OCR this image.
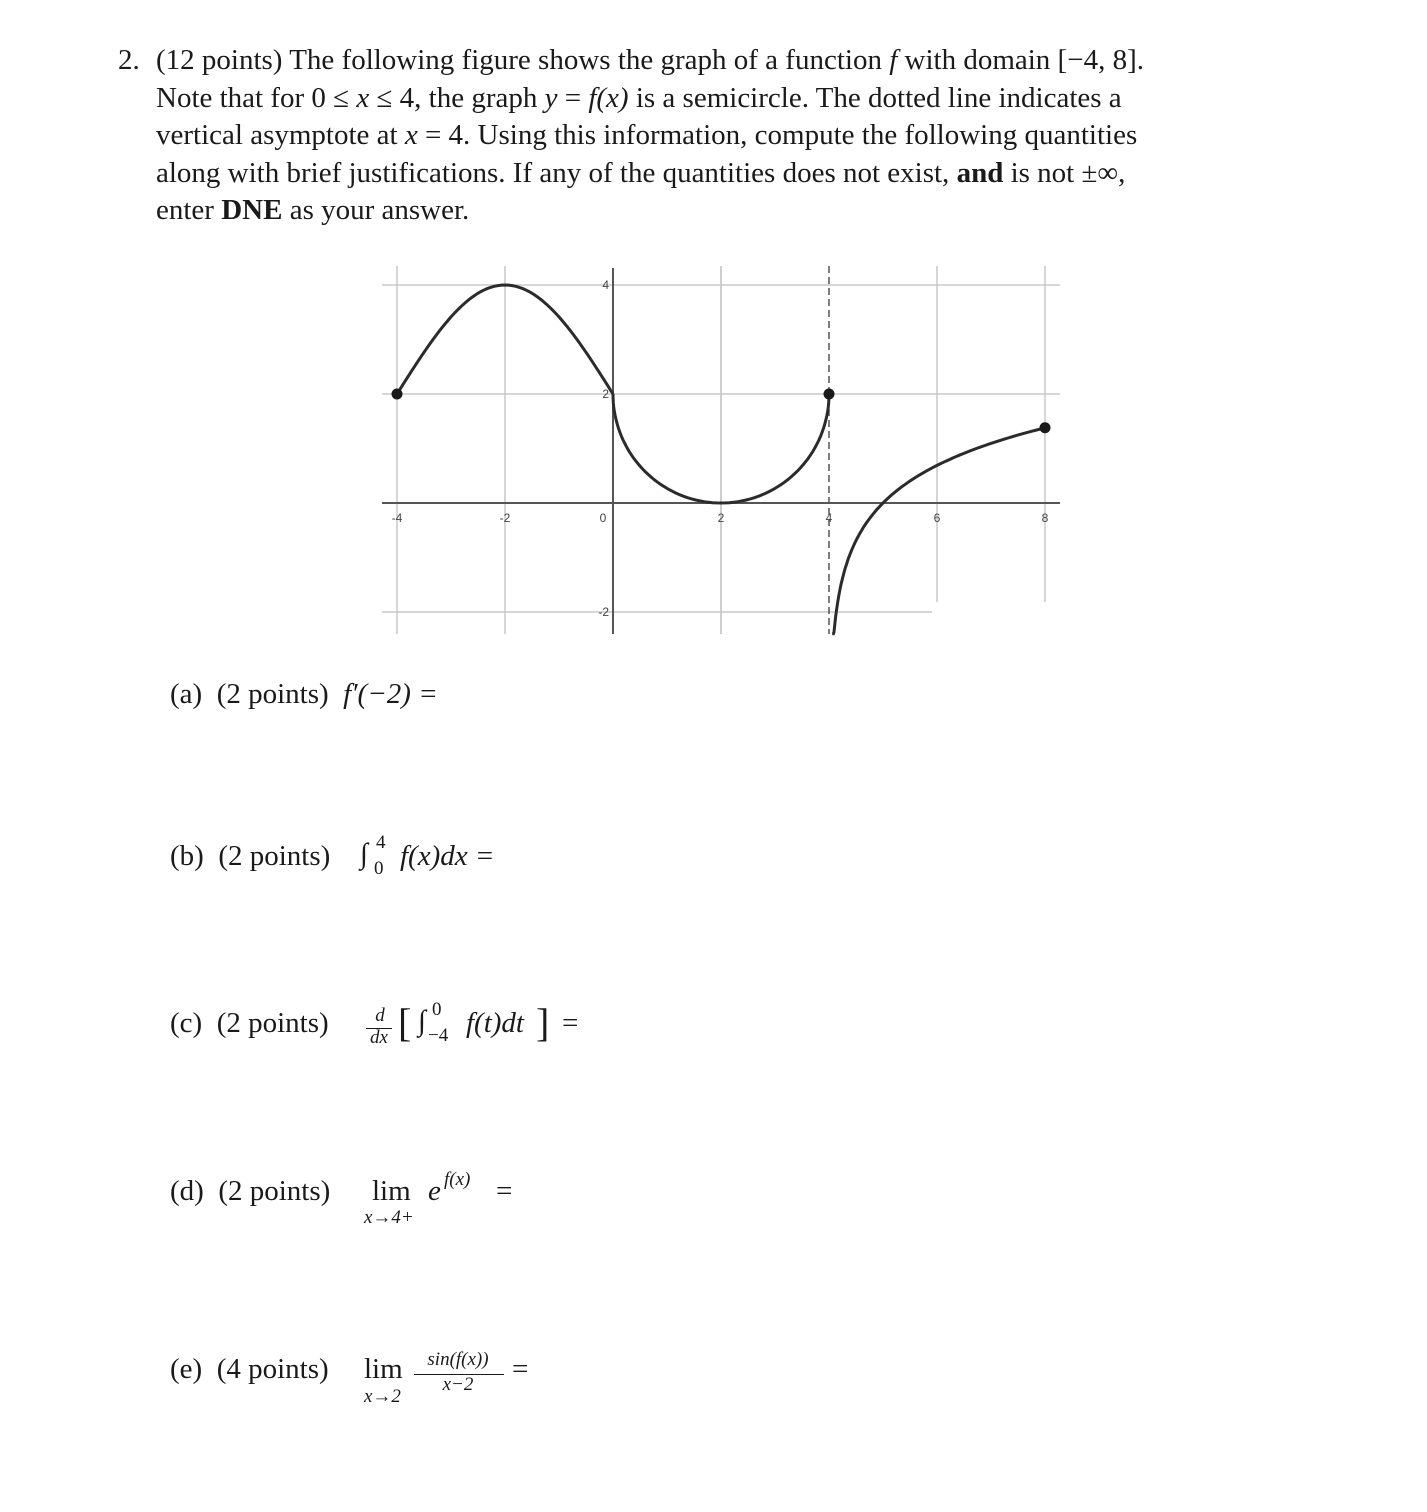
2. (12 points) The following figure shows the graph of a function f with domain [−4, 8].
Note that for 0 ≤ x ≤ 4, the graph y = f(x) is a semicircle. The dotted line indicates a
vertical asymptote at x = 4. Using this information, compute the following quantities
along with brief justifications. If any of the quantities does not exist, and is not ±∞,
enter DNE as your answer.
-4	-2	0	2	4	6	8
4
2
-2
(a) (2 points) f′(−2) =
(b) (2 points) ∫ 4
0 f(x)dx =
(c) (2 points)	d
dx [ ∫ 0
−4 f(t)dt ] =
(d) (2 points) lim
x→4+
e f(x) =
(e) (4 points) lim
x→2
sin(f(x))
x−2	=
